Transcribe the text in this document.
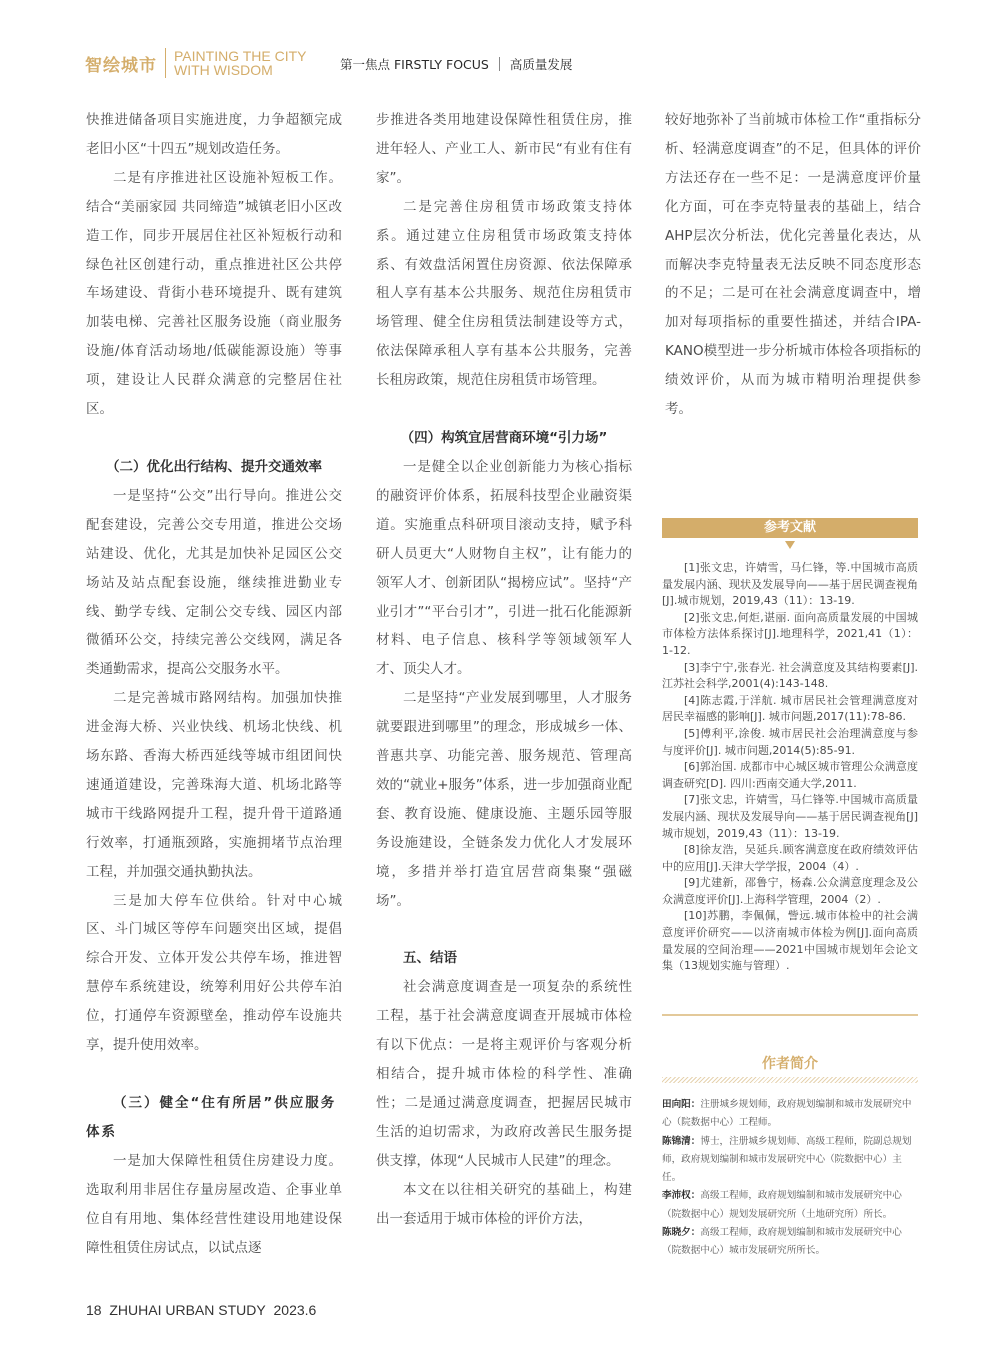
智绘城市 PAINTING THE CITY
WITH WISDOM	第一焦点 FIRSTLY FOCUS 高质量发展

快推进储备项目实施进度，力争超额完成老旧小区“十四五”规划改造任务。

二是有序推进社区设施补短板工作。结合“美丽家园 共同缔造”城镇老旧小区改造工作，同步开展居住社区补短板行动和绿色社区创建行动，重点推进社区公共停车场建设、背街小巷环境提升、既有建筑加装电梯、完善社区服务设施（商业服务设施/体育活动场地/低碳能源设施）等事项，建设让人民群众满意的完整居住社区。

（二）优化出行结构、提升交通效率

一是坚持“公交”出行导向。推进公交配套建设，完善公交专用道，推进公交场站建设、优化，尤其是加快补足园区公交场站及站点配套设施，继续推进勤业专线、勤学专线、定制公交专线、园区内部微循环公交，持续完善公交线网，满足各类通勤需求，提高公交服务水平。

二是完善城市路网结构。加强加快推进金海大桥、兴业快线、机场北快线、机场东路、香海大桥西延线等城市组团间快速通道建设，完善珠海大道、机场北路等城市干线路网提升工程，提升骨干道路通行效率，打通瓶颈路，实施拥堵节点治理工程，并加强交通执勤执法。

三是加大停车位供给。针对中心城区、斗门城区等停车问题突出区域，提倡综合开发、立体开发公共停车场，推进智慧停车系统建设，统筹利用好公共停车泊位，打通停车资源壁垒，推动停车设施共享，提升使用效率。

（三）健全“住有所居”供应服务体系

一是加大保障性租赁住房建设力度。选取利用非居住存量房屋改造、企事业单位自有用地、集体经营性建设用地建设保障性租赁住房试点，以试点逐

步推进各类用地建设保障性租赁住房，推进年轻人、产业工人、新市民“有业有住有家”。

二是完善住房租赁市场政策支持体系。通过建立住房租赁市场政策支持体系、有效盘活闲置住房资源、依法保障承租人享有基本公共服务、规范住房租赁市场管理、健全住房租赁法制建设等方式，依法保障承租人享有基本公共服务，完善长租房政策，规范住房租赁市场管理。

（四）构筑宜居营商环境“引力场”

一是健全以企业创新能力为核心指标的融资评价体系，拓展科技型企业融资渠道。实施重点科研项目滚动支持，赋予科研人员更大“人财物自主权”，让有能力的领军人才、创新团队“揭榜应试”。坚持“产业引才”“平台引才”，引进一批石化能源新材料、电子信息、核科学等领域领军人才、顶尖人才。

二是坚持“产业发展到哪里，人才服务就要跟进到哪里”的理念，形成城乡一体、普惠共享、功能完善、服务规范、管理高效的“就业+服务”体系，进一步加强商业配套、教育设施、健康设施、主题乐园等服务设施建设，全链条发力优化人才发展环境，多措并举打造宜居营商集聚“强磁场”。

五、结语

社会满意度调查是一项复杂的系统性工程，基于社会满意度调查开展城市体检有以下优点：一是将主观评价与客观分析相结合，提升城市体检的科学性、准确性；二是通过满意度调查，把握居民城市生活的迫切需求，为政府改善民生服务提供支撑，体现“人民城市人民建”的理念。

本文在以往相关研究的基础上，构建出一套适用于城市体检的评价方法，

较好地弥补了当前城市体检工作“重指标分析、轻满意度调查”的不足，但具体的评价方法还存在一些不足：一是满意度评价量化方面，可在李克特量表的基础上，结合AHP层次分析法，优化完善量化表达，从而解决李克特量表无法反映不同态度形态的不足；二是可在社会满意度调查中，增加对每项指标的重要性描述，并结合IPA-KANO模型进一步分析城市体检各项指标的绩效评价，从而为城市精明治理提供参考。

参考文献

[1]张文忠，许婧雪，马仁锋，等.中国城市高质量发展内涵、现状及发展导向——基于居民调查视角[J].城市规划，2019,43（11）：13-19.

[2]张文忠,何炬,谌丽. 面向高质量发展的中国城市体检方法体系探讨[J].地理科学，2021,41（1）：1-12.

[3]李宁宁,张春光. 社会满意度及其结构要素[J]. 江苏社会科学,2001(4):143-148.

[4]陈志霞,于洋航. 城市居民社会管理满意度对居民幸福感的影响[J]. 城市问题,2017(11):78-86.

[5]傅利平,涂俊. 城市居民社会治理满意度与参与度评价[J]. 城市问题,2014(5):85-91.

[6]郭治国. 成都市中心城区城市管理公众满意度调查研究[D]. 四川:西南交通大学,2011.

[7]张文忠，许婧雪，马仁锋等.中国城市高质量发展内涵、现状及发展导向——基于居民调查视角[J]城市规划，2019,43（11）：13-19.

[8]徐友浩，吴延兵.顾客满意度在政府绩效评估中的应用[J].天津大学学报，2004（4）.

[9]尤建新，邵鲁宁，杨森.公众满意度理念及公众满意度评价[J].上海科学管理，2004（2）.

[10]苏鹏，李佩佩，訾远.城市体检中的社会满意度评价研究——以济南城市体检为例[J].面向高质量发展的空间治理——2021中国城市规划年会论文集（13规划实施与管理）.

作者简介

田向阳：注册城乡规划师，政府规划编制和城市发展研究中心（院数据中心）工程师。

陈锦清：博士，注册城乡规划师、高级工程师，院副总规划师，政府规划编制和城市发展研究中心（院数据中心）主任。

李沛权：高级工程师，政府规划编制和城市发展研究中心（院数据中心）规划发展研究所（土地研究所）所长。

陈晓夕：高级工程师，政府规划编制和城市发展研究中心（院数据中心）城市发展研究所所长。

18 ZHUHAI URBAN STUDY 2023.6
